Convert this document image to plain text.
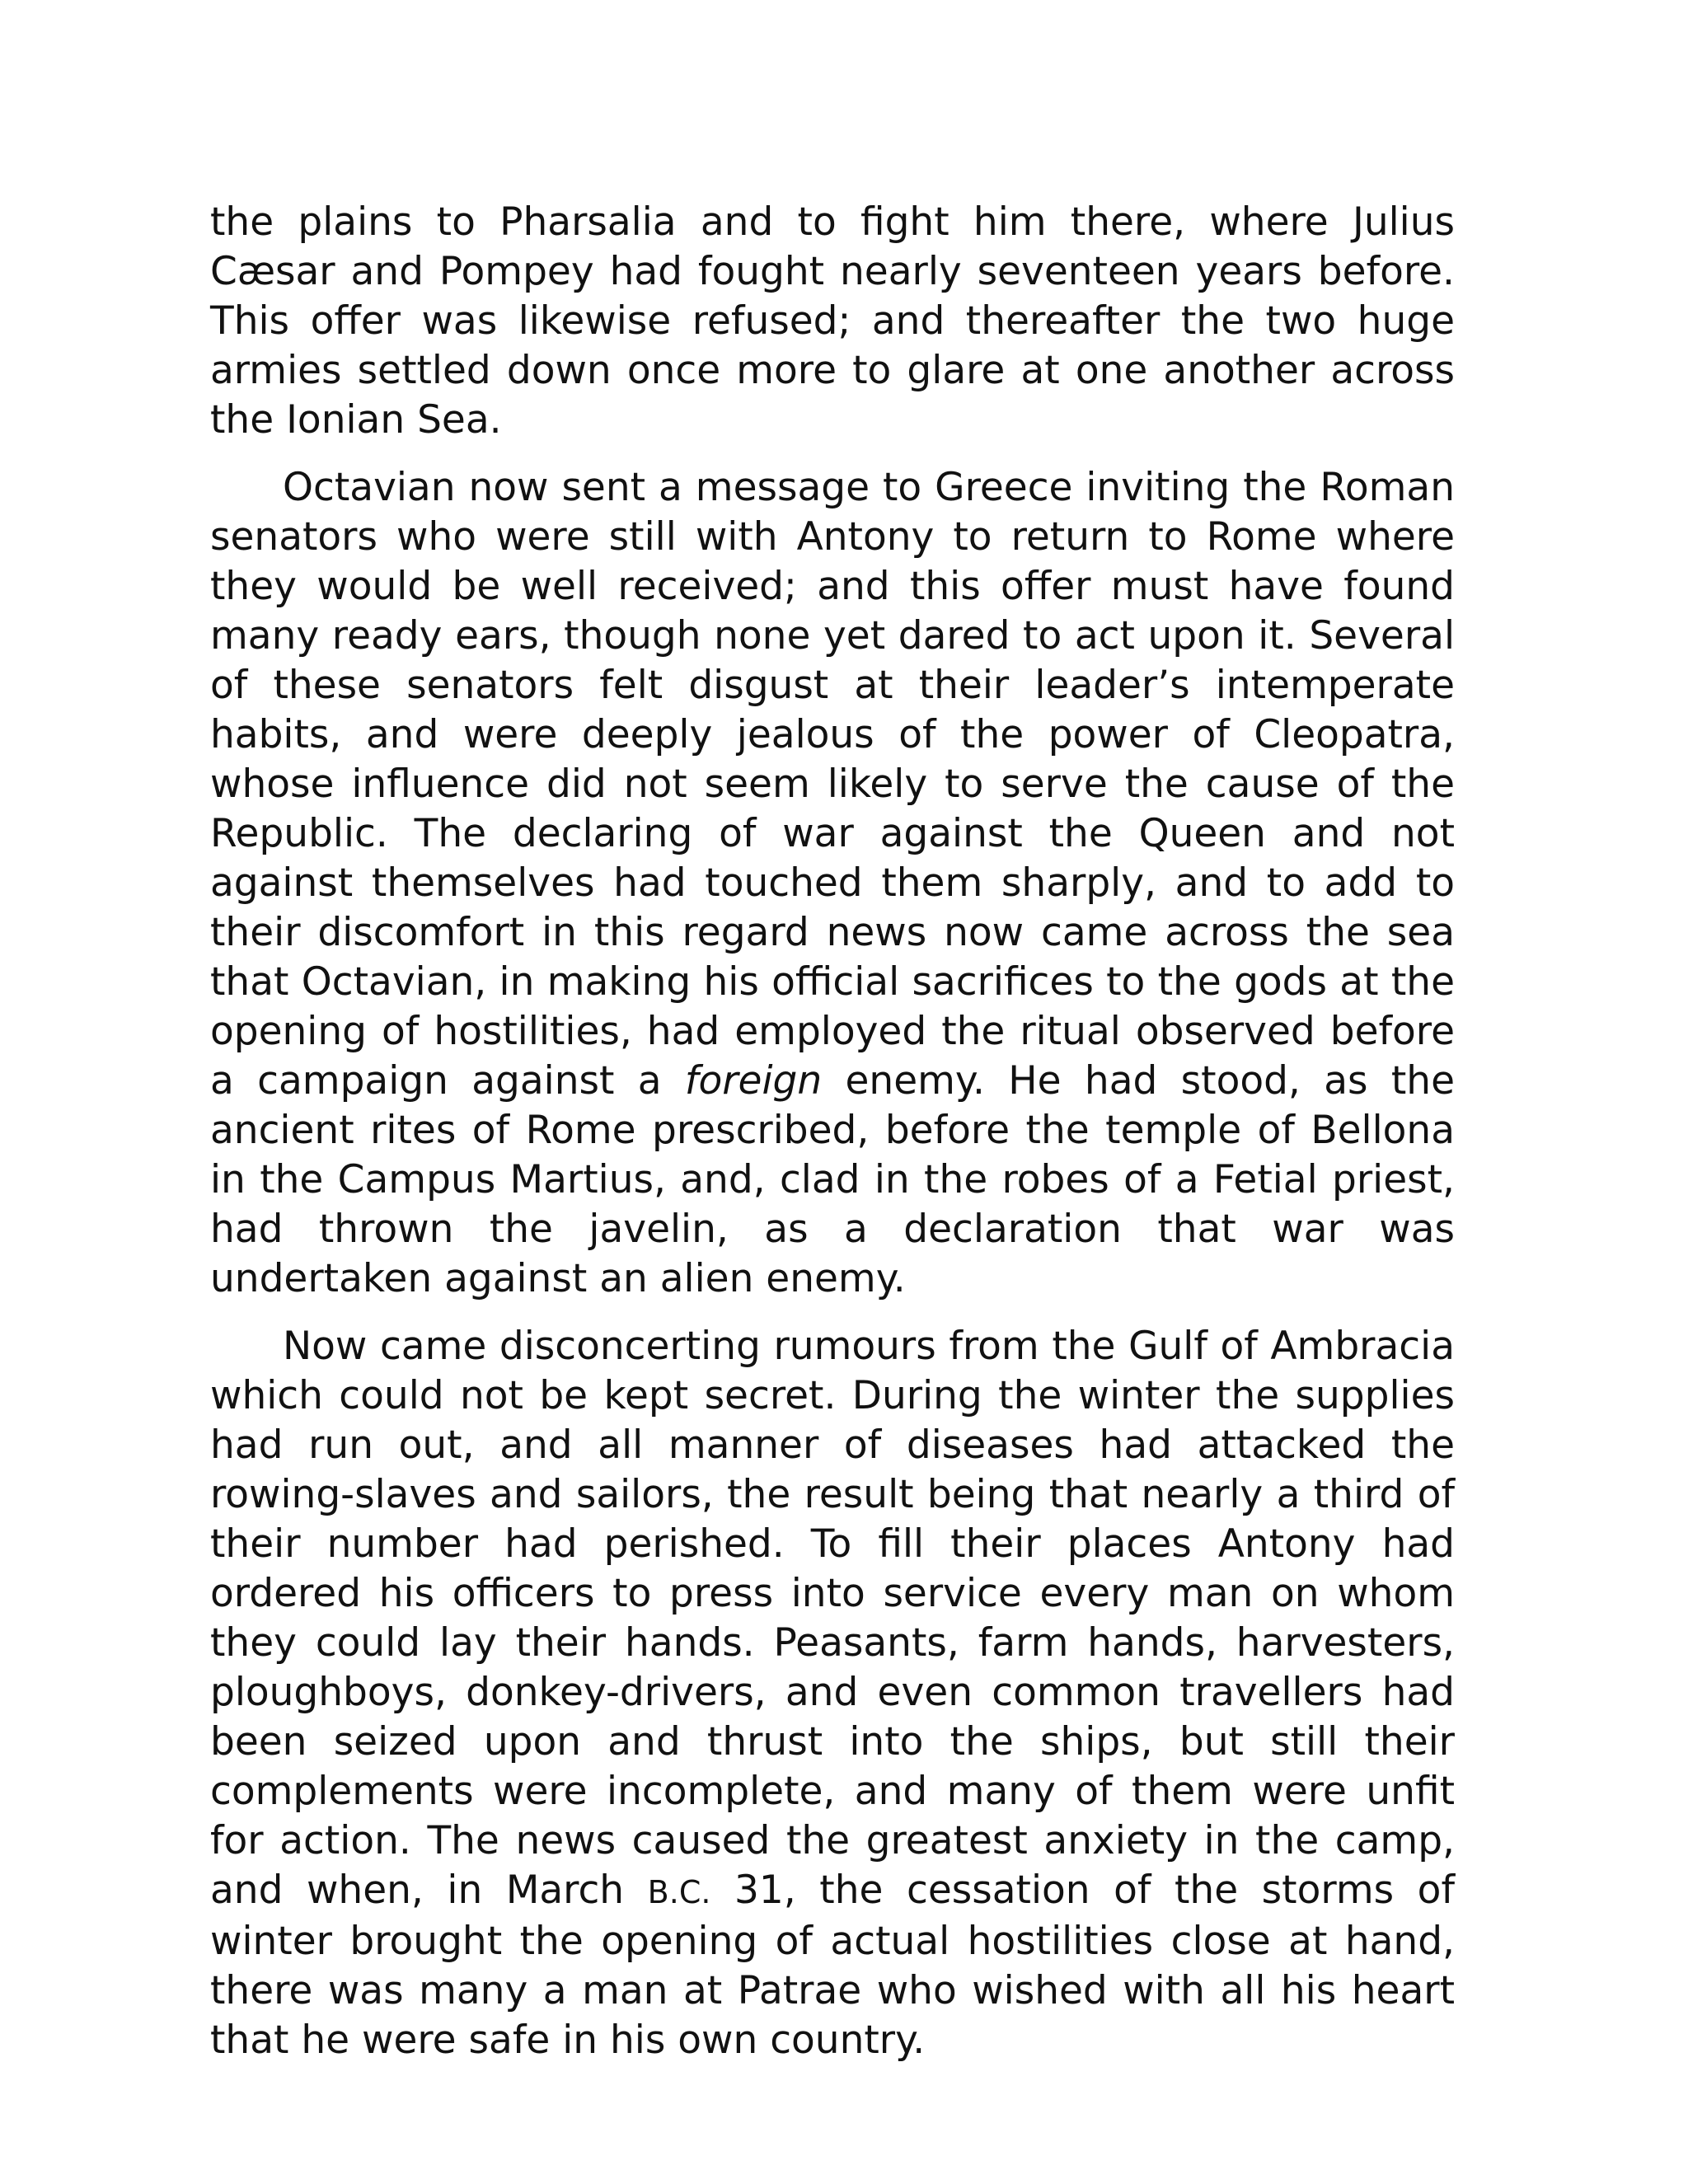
the plains to Pharsalia and to fight him there, where Julius Cæsar and Pompey had fought nearly seventeen years before. This offer was likewise refused; and thereafter the two huge armies settled down once more to glare at one another across the Ionian Sea.

Octavian now sent a message to Greece inviting the Roman senators who were still with Antony to return to Rome where they would be well received; and this offer must have found many ready ears, though none yet dared to act upon it. Several of these senators felt disgust at their leader’s intemperate habits, and were deeply jealous of the power of Cleopatra, whose influence did not seem likely to serve the cause of the Republic. The declaring of war against the Queen and not against themselves had touched them sharply, and to add to their discomfort in this regard news now came across the sea that Octavian, in making his official sacrifices to the gods at the opening of hostilities, had employed the ritual observed before a campaign against a foreign enemy. He had stood, as the ancient rites of Rome prescribed, before the temple of Bellona in the Campus Martius, and, clad in the robes of a Fetial priest, had thrown the javelin, as a declaration that war was undertaken against an alien enemy.

Now came disconcerting rumours from the Gulf of Ambracia which could not be kept secret. During the winter the supplies had run out, and all manner of diseases had attacked the rowing-slaves and sailors, the result being that nearly a third of their number had perished. To fill their places Antony had ordered his officers to press into service every man on whom they could lay their hands. Peasants, farm hands, harvesters, ploughboys, donkey-drivers, and even common travellers had been seized upon and thrust into the ships, but still their complements were incomplete, and many of them were unfit for action. The news caused the greatest anxiety in the camp, and when, in March B.C. 31, the cessation of the storms of winter brought the opening of actual hostilities close at hand, there was many a man at Patrae who wished with all his heart that he were safe in his own country.
